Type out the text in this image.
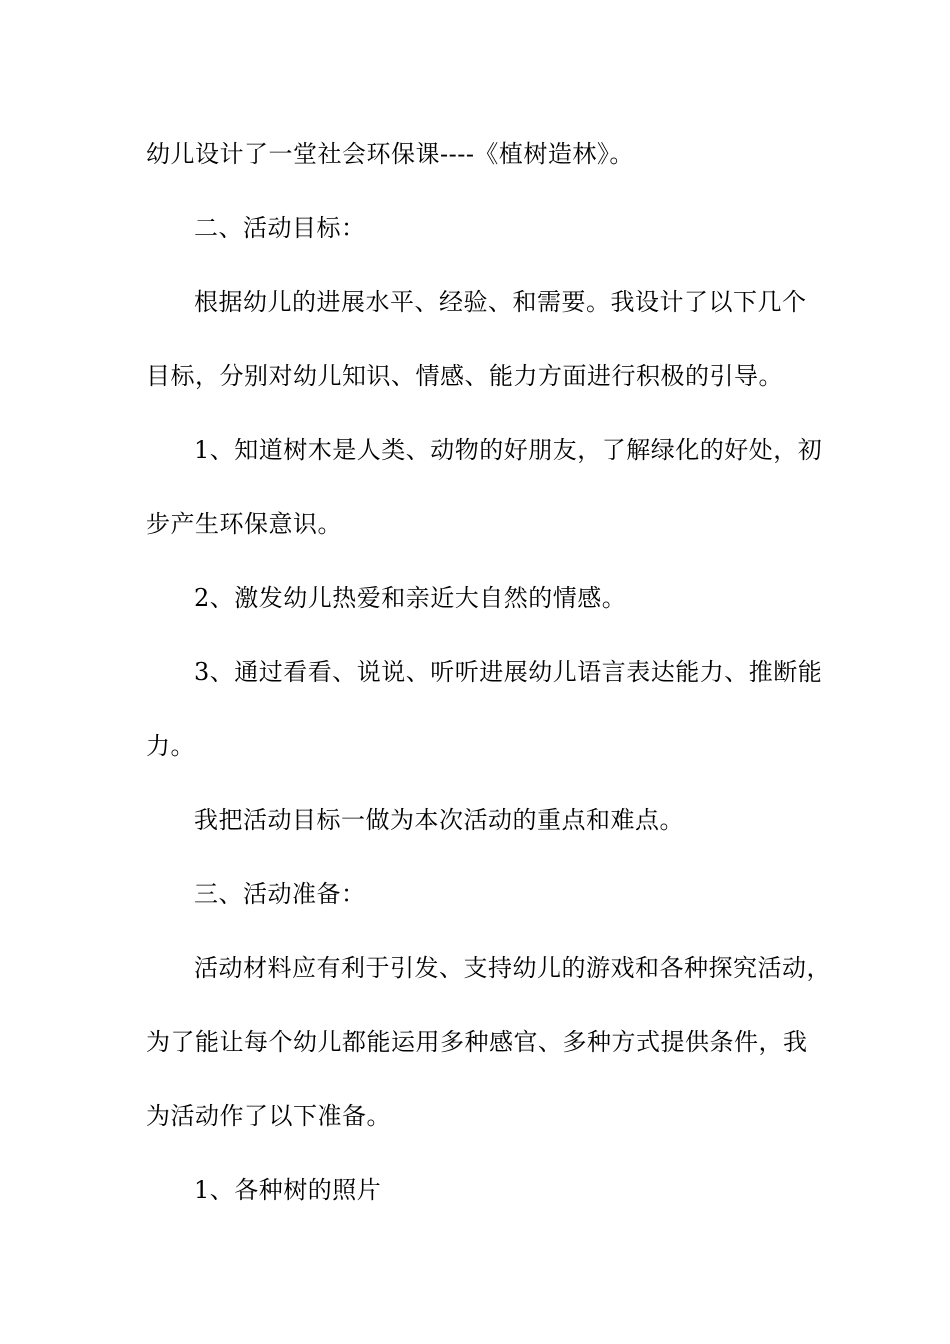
幼儿设计了一堂社会环保课----《植树造林》。
二、活动目标：
根据幼儿的进展水平、经验、和需要。我设计了以下几个
目标，分别对幼儿知识、情感、能力方面进行积极的引导。
1、知道树木是人类、动物的好朋友，了解绿化的好处，初
步产生环保意识。
2、激发幼儿热爱和亲近大自然的情感。
3、通过看看、说说、听听进展幼儿语言表达能力、推断能
力。
我把活动目标一做为本次活动的重点和难点。
三、活动准备：
活动材料应有利于引发、支持幼儿的游戏和各种探究活动，
为了能让每个幼儿都能运用多种感官、多种方式提供条件，我
为活动作了以下准备。
1、各种树的照片
